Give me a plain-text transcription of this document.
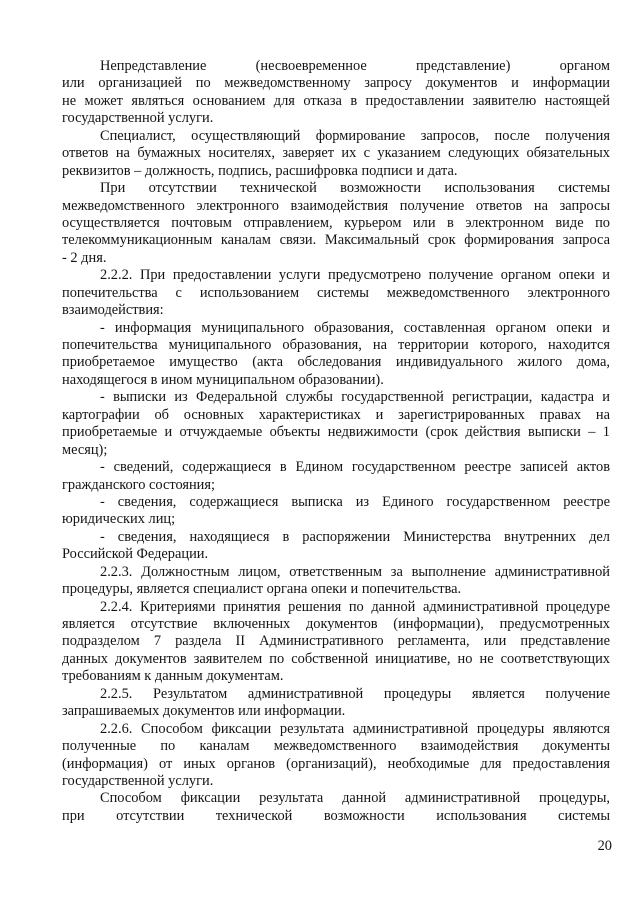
Непредставление (несвоевременное представление) органом
или организацией по межведомственному запросу документов и информации
не может являться основанием для отказа в предоставлении заявителю настоящей
государственной услуги.
Специалист, осуществляющий формирование запросов, после получения
ответов на бумажных носителях, заверяет их с указанием следующих обязательных
реквизитов – должность, подпись, расшифровка подписи и дата.
При отсутствии технической возможности использования системы
межведомственного электронного взаимодействия получение ответов на запросы
осуществляется почтовым отправлением, курьером или в электронном виде по
телекоммуникационным каналам связи. Максимальный срок формирования запроса
- 2 дня.
2.2.2. При предоставлении услуги предусмотрено получение органом опеки и
попечительства с использованием системы межведомственного электронного
взаимодействия:
- информация муниципального образования, составленная органом опеки и
попечительства муниципального образования, на территории которого, находится
приобретаемое имущество (акта обследования индивидуального жилого дома,
находящегося в ином муниципальном образовании).
- выписки из Федеральной службы государственной регистрации, кадастра и
картографии об основных характеристиках и зарегистрированных правах на
приобретаемые и отчуждаемые объекты недвижимости (срок действия выписки – 1
месяц);
- сведений, содержащиеся в Едином государственном реестре записей актов
гражданского состояния;
- сведения, содержащиеся выписка из Единого государственном реестре
юридических лиц;
- сведения, находящиеся в распоряжении Министерства внутренних дел
Российской Федерации.
2.2.3. Должностным лицом, ответственным за выполнение административной
процедуры, является специалист органа опеки и попечительства.
2.2.4. Критериями принятия решения по данной административной процедуре
является отсутствие включенных документов (информации), предусмотренных
подразделом 7 раздела II Административного регламента, или представление
данных документов заявителем по собственной инициативе, но не соответствующих
требованиям к данным документам.
2.2.5. Результатом административной процедуры является получение
запрашиваемых документов или информации.
2.2.6. Способом фиксации результата административной процедуры являются
полученные по каналам межведомственного взаимодействия документы
(информация) от иных органов (организаций), необходимые для предоставления
государственной услуги.
Способом фиксации результата данной административной процедуры,
при отсутствии технической возможности использования системы
20
